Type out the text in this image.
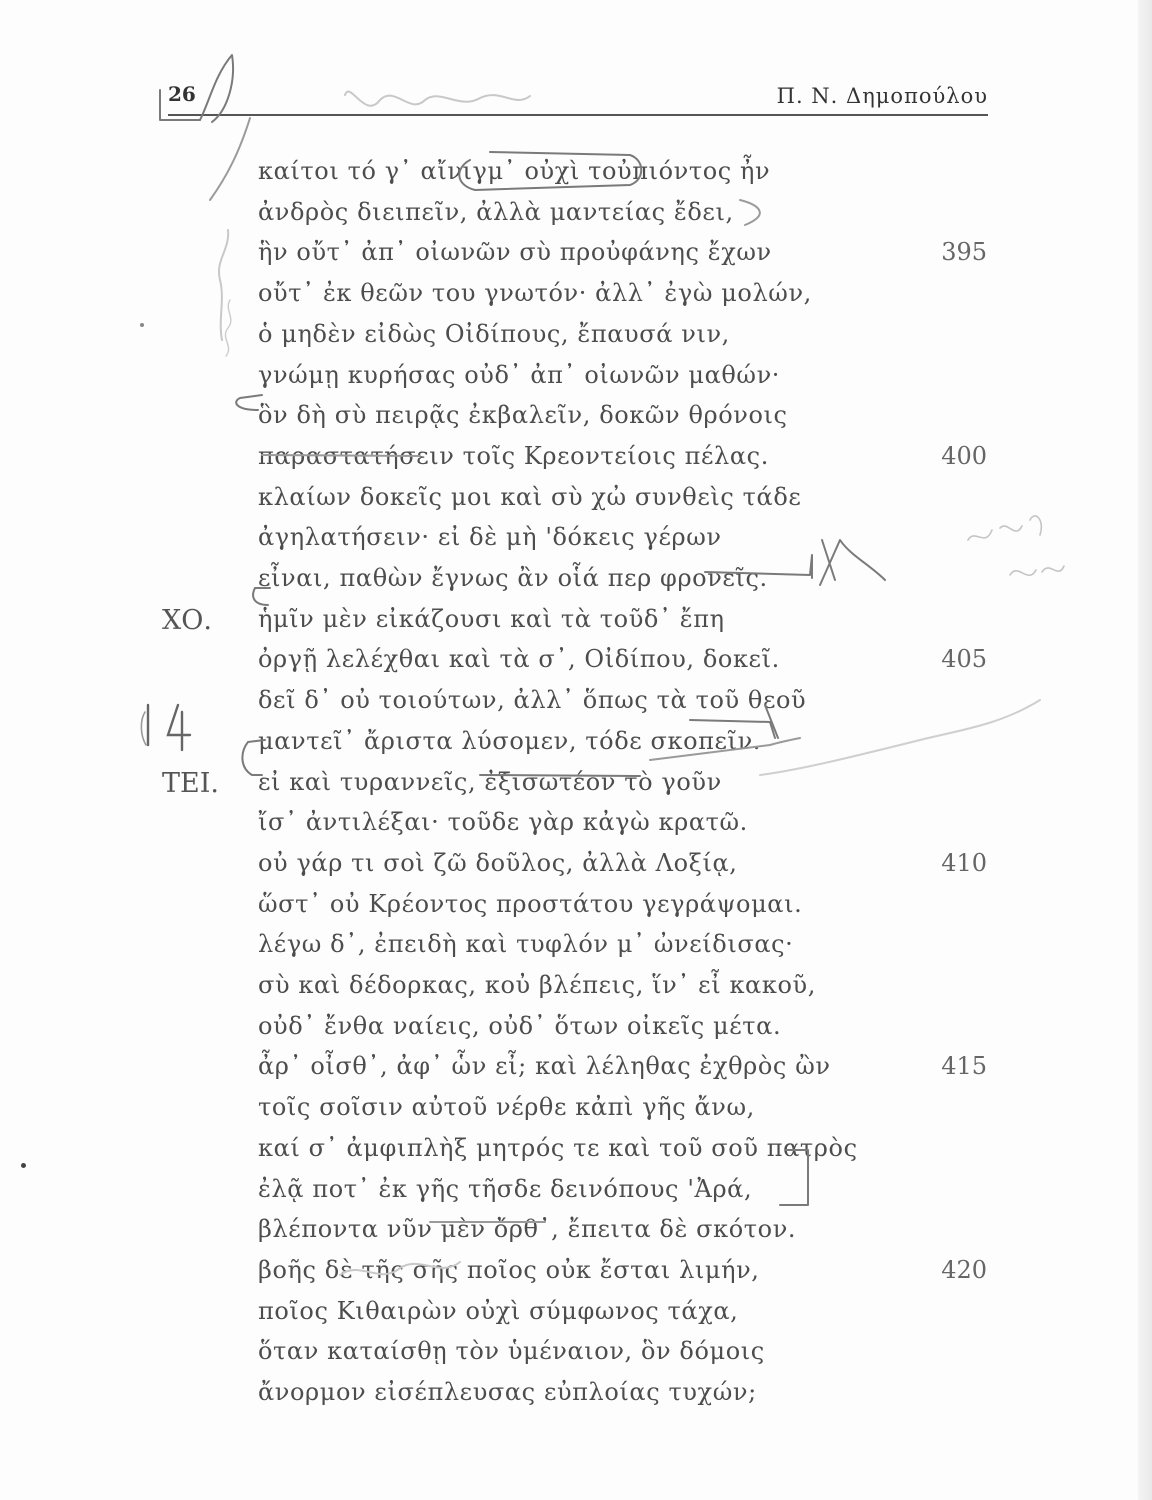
26	Π. Ν. Δημοπούλου
καίτοι τό γ᾽ αἴνιγμ᾽ οὐχὶ τοὐπιόντος ἦν
ἀνδρὸς διειπεῖν, ἀλλὰ μαντείας ἔδει,
ἣν οὔτ᾽ ἀπ᾽ οἰωνῶν σὺ προὐφάνης ἔχων	395
οὔτ᾽ ἐκ θεῶν του γνωτόν· ἀλλ᾽ ἐγὼ μολών,
ὁ μηδὲν εἰδὼς Οἰδίπους, ἔπαυσά νιν,
γνώμῃ κυρήσας οὐδ᾽ ἀπ᾽ οἰωνῶν μαθών·
ὃν δὴ σὺ πειρᾷς ἐκβαλεῖν, δοκῶν θρόνοις
παραστατήσειν τοῖς Κρεοντείοις πέλας.	400
κλαίων δοκεῖς μοι καὶ σὺ χὠ συνθεὶς τάδε
ἀγηλατήσειν· εἰ δὲ μὴ 'δόκεις γέρων
εἶναι, παθὼν ἔγνως ἂν οἷά περ φρονεῖς.
ΧΟ. ἡμῖν μὲν εἰκάζουσι καὶ τὰ τοῦδ᾽ ἔπη
ὀργῇ λελέχθαι καὶ τὰ σ᾽, Οἰδίπου, δοκεῖ.	405
δεῖ δ᾽ οὐ τοιούτων, ἀλλ᾽ ὅπως τὰ τοῦ θεοῦ
μαντεῖ᾽ ἄριστα λύσομεν, τόδε σκοπεῖν.
ΤΕΙ. εἰ καὶ τυραννεῖς, ἐξισωτέον τὸ γοῦν
ἴσ᾽ ἀντιλέξαι· τοῦδε γὰρ κἀγὼ κρατῶ.
οὐ γάρ τι σοὶ ζῶ δοῦλος, ἀλλὰ Λοξίᾳ,	410
ὥστ᾽ οὐ Κρέοντος προστάτου γεγράψομαι.
λέγω δ᾽, ἐπειδὴ καὶ τυφλόν μ᾽ ὠνείδισας·
σὺ καὶ δέδορκας, κοὐ βλέπεις, ἵν᾽ εἶ κακοῦ,
οὐδ᾽ ἔνθα ναίεις, οὐδ᾽ ὅτων οἰκεῖς μέτα.
ἆρ᾽ οἶσθ᾽, ἀφ᾽ ὧν εἶ; καὶ λέληθας ἐχθρὸς ὢν	415
τοῖς σοῖσιν αὐτοῦ νέρθε κἀπὶ γῆς ἄνω,
καί σ᾽ ἀμφιπλὴξ μητρός τε καὶ τοῦ σοῦ πατρὸς
ἐλᾷ ποτ᾽ ἐκ γῆς τῆσδε δεινόπους 'Ἀρά,
βλέποντα νῦν μὲν ὄρθ᾽, ἔπειτα δὲ σκότον.
βοῆς δὲ τῆς σῆς ποῖος οὐκ ἔσται λιμήν,	420
ποῖος Κιθαιρὼν οὐχὶ σύμφωνος τάχα,
ὅταν καταίσθῃ τὸν ὑμέναιον, ὃν δόμοις
ἄνορμον εἰσέπλευσας εὐπλοίας τυχών;
